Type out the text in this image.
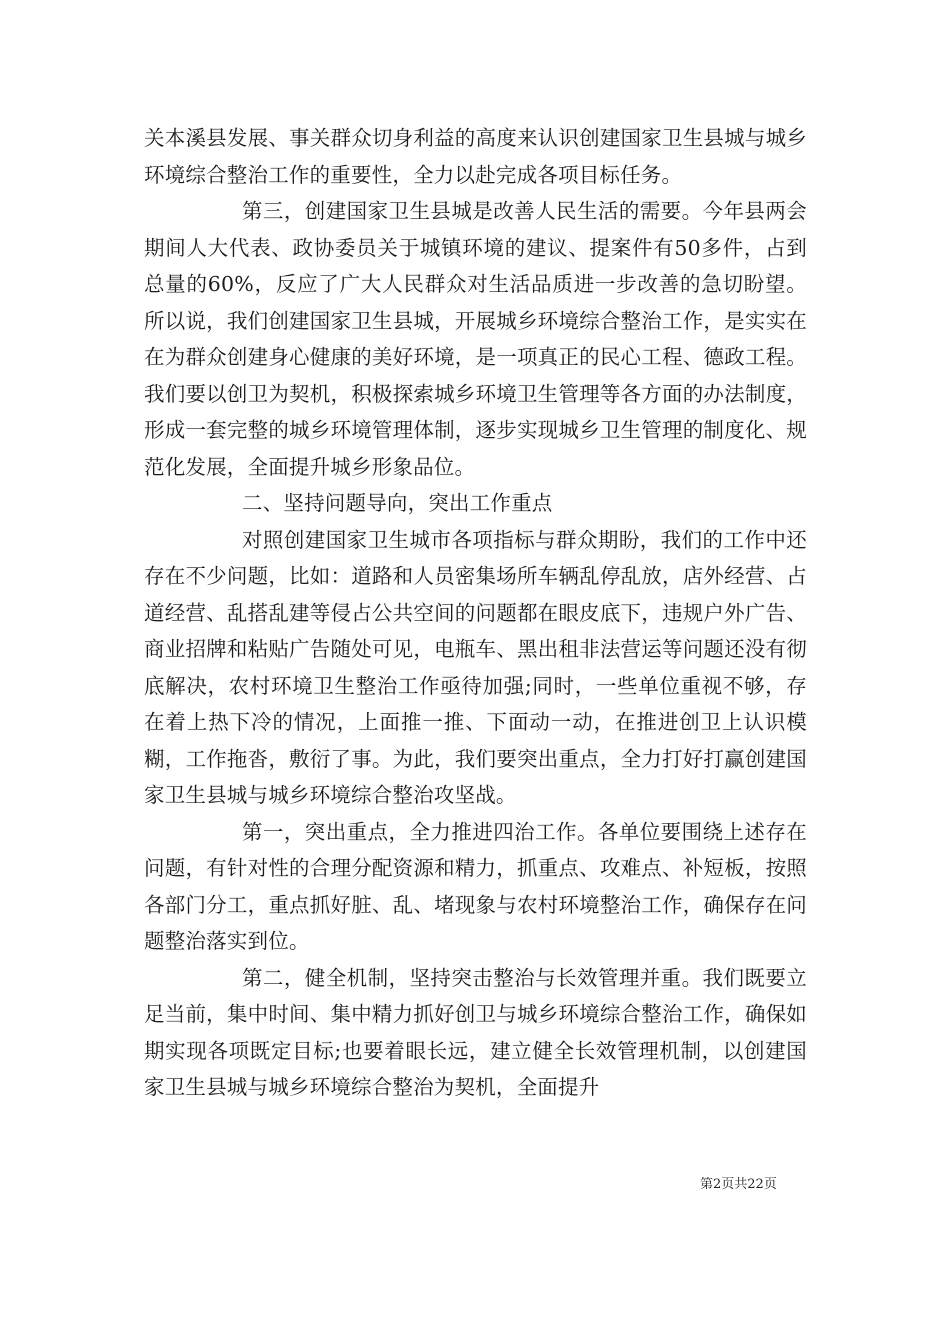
关本溪县发展、事关群众切身利益的高度来认识创建国家卫生县城与城乡环境综合整治工作的重要性，全力以赴完成各项目标任务。

第三，创建国家卫生县城是改善人民生活的需要。今年县两会期间人大代表、政协委员关于城镇环境的建议、提案件有50多件，占到总量的60%，反应了广大人民群众对生活品质进一步改善的急切盼望。所以说，我们创建国家卫生县城，开展城乡环境综合整治工作，是实实在在为群众创建身心健康的美好环境，是一项真正的民心工程、德政工程。我们要以创卫为契机，积极探索城乡环境卫生管理等各方面的办法制度，形成一套完整的城乡环境管理体制，逐步实现城乡卫生管理的制度化、规范化发展，全面提升城乡形象品位。

二、坚持问题导向，突出工作重点

对照创建国家卫生城市各项指标与群众期盼，我们的工作中还存在不少问题，比如：道路和人员密集场所车辆乱停乱放，店外经营、占道经营、乱搭乱建等侵占公共空间的问题都在眼皮底下，违规户外广告、商业招牌和粘贴广告随处可见，电瓶车、黑出租非法营运等问题还没有彻底解决，农村环境卫生整治工作亟待加强;同时，一些单位重视不够，存在着上热下冷的情况，上面推一推、下面动一动，在推进创卫上认识模糊，工作拖沓，敷衍了事。为此，我们要突出重点，全力打好打赢创建国家卫生县城与城乡环境综合整治攻坚战。

第一，突出重点，全力推进四治工作。各单位要围绕上述存在问题，有针对性的合理分配资源和精力，抓重点、攻难点、补短板，按照各部门分工，重点抓好脏、乱、堵现象与农村环境整治工作，确保存在问题整治落实到位。

第二，健全机制，坚持突击整治与长效管理并重。我们既要立足当前，集中时间、集中精力抓好创卫与城乡环境综合整治工作，确保如期实现各项既定目标;也要着眼长远，建立健全长效管理机制，以创建国家卫生县城与城乡环境综合整治为契机，全面提升

第2页共22页
